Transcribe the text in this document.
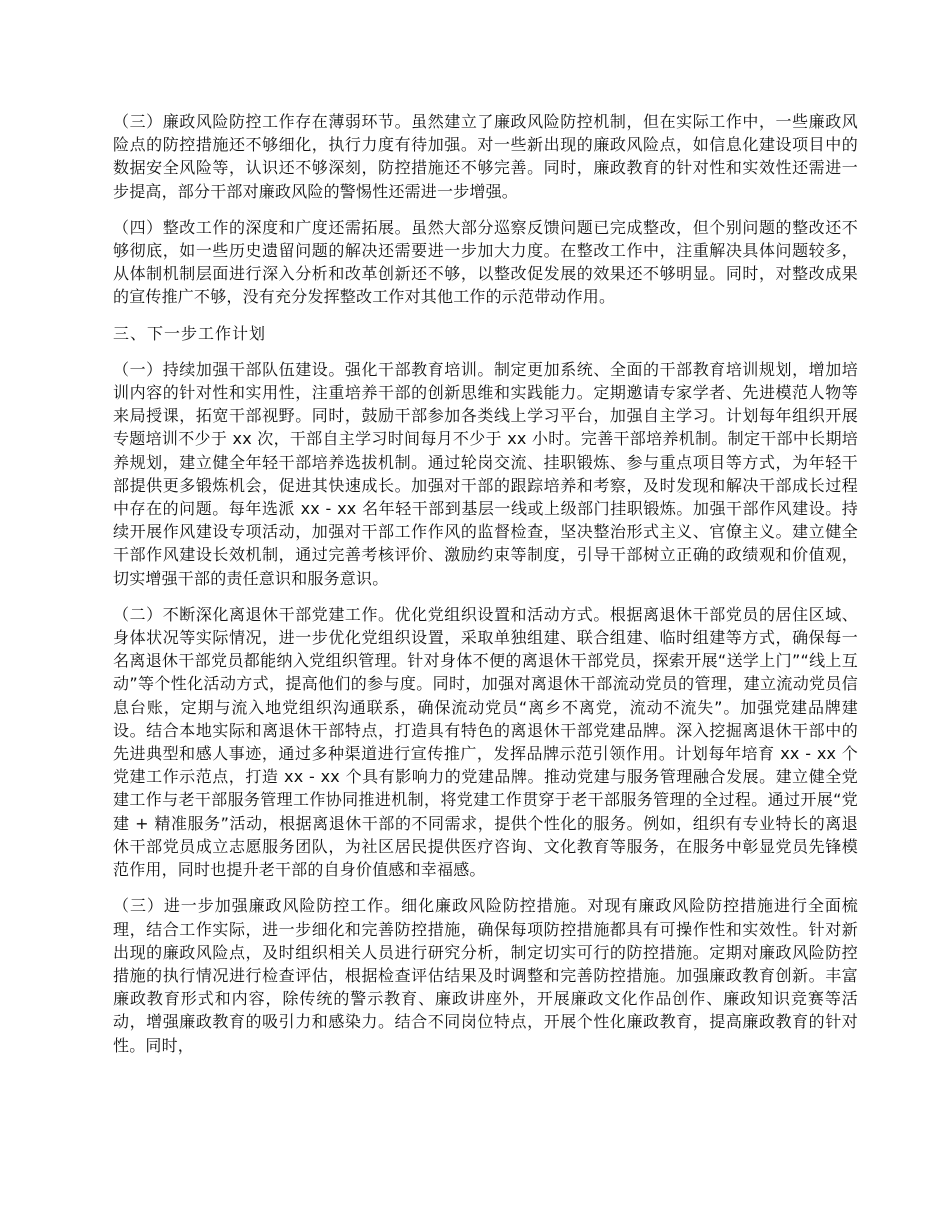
（三）廉政风险防控工作存在薄弱环节。虽然建立了廉政风险防控机制，但在实际工作中，一些廉政风险点的防控措施还不够细化，执行力度有待加强。对一些新出现的廉政风险点，如信息化建设项目中的数据安全风险等，认识还不够深刻，防控措施还不够完善。同时，廉政教育的针对性和实效性还需进一步提高，部分干部对廉政风险的警惕性还需进一步增强。

（四）整改工作的深度和广度还需拓展。虽然大部分巡察反馈问题已完成整改，但个别问题的整改还不够彻底，如一些历史遗留问题的解决还需要进一步加大力度。在整改工作中，注重解决具体问题较多，从体制机制层面进行深入分析和改革创新还不够，以整改促发展的效果还不够明显。同时，对整改成果的宣传推广不够，没有充分发挥整改工作对其他工作的示范带动作用。

三、下一步工作计划

（一）持续加强干部队伍建设。强化干部教育培训。制定更加系统、全面的干部教育培训规划，增加培训内容的针对性和实用性，注重培养干部的创新思维和实践能力。定期邀请专家学者、先进模范人物等来局授课，拓宽干部视野。同时，鼓励干部参加各类线上学习平台，加强自主学习。计划每年组织开展专题培训不少于 xx 次，干部自主学习时间每月不少于 xx 小时。完善干部培养机制。制定干部中长期培养规划，建立健全年轻干部培养选拔机制。通过轮岗交流、挂职锻炼、参与重点项目等方式，为年轻干部提供更多锻炼机会，促进其快速成长。加强对干部的跟踪培养和考察，及时发现和解决干部成长过程中存在的问题。每年选派 xx - xx 名年轻干部到基层一线或上级部门挂职锻炼。加强干部作风建设。持续开展作风建设专项活动，加强对干部工作作风的监督检查，坚决整治形式主义、官僚主义。建立健全干部作风建设长效机制，通过完善考核评价、激励约束等制度，引导干部树立正确的政绩观和价值观，切实增强干部的责任意识和服务意识。

（二）不断深化离退休干部党建工作。优化党组织设置和活动方式。根据离退休干部党员的居住区域、身体状况等实际情况，进一步优化党组织设置，采取单独组建、联合组建、临时组建等方式，确保每一名离退休干部党员都能纳入党组织管理。针对身体不便的离退休干部党员，探索开展“送学上门”“线上互动”等个性化活动方式，提高他们的参与度。同时，加强对离退休干部流动党员的管理，建立流动党员信息台账，定期与流入地党组织沟通联系，确保流动党员“离乡不离党，流动不流失”。加强党建品牌建设。结合本地实际和离退休干部特点，打造具有特色的离退休干部党建品牌。深入挖掘离退休干部中的先进典型和感人事迹，通过多种渠道进行宣传推广，发挥品牌示范引领作用。计划每年培育 xx - xx 个党建工作示范点，打造 xx - xx 个具有影响力的党建品牌。推动党建与服务管理融合发展。建立健全党建工作与老干部服务管理工作协同推进机制，将党建工作贯穿于老干部服务管理的全过程。通过开展“党建 + 精准服务”活动，根据离退休干部的不同需求，提供个性化的服务。例如，组织有专业特长的离退休干部党员成立志愿服务团队，为社区居民提供医疗咨询、文化教育等服务，在服务中彰显党员先锋模范作用，同时也提升老干部的自身价值感和幸福感。

（三）进一步加强廉政风险防控工作。细化廉政风险防控措施。对现有廉政风险防控措施进行全面梳理，结合工作实际，进一步细化和完善防控措施，确保每项防控措施都具有可操作性和实效性。针对新出现的廉政风险点，及时组织相关人员进行研究分析，制定切实可行的防控措施。定期对廉政风险防控措施的执行情况进行检查评估，根据检查评估结果及时调整和完善防控措施。加强廉政教育创新。丰富廉政教育形式和内容，除传统的警示教育、廉政讲座外，开展廉政文化作品创作、廉政知识竞赛等活动，增强廉政教育的吸引力和感染力。结合不同岗位特点，开展个性化廉政教育，提高廉政教育的针对性。同时，
